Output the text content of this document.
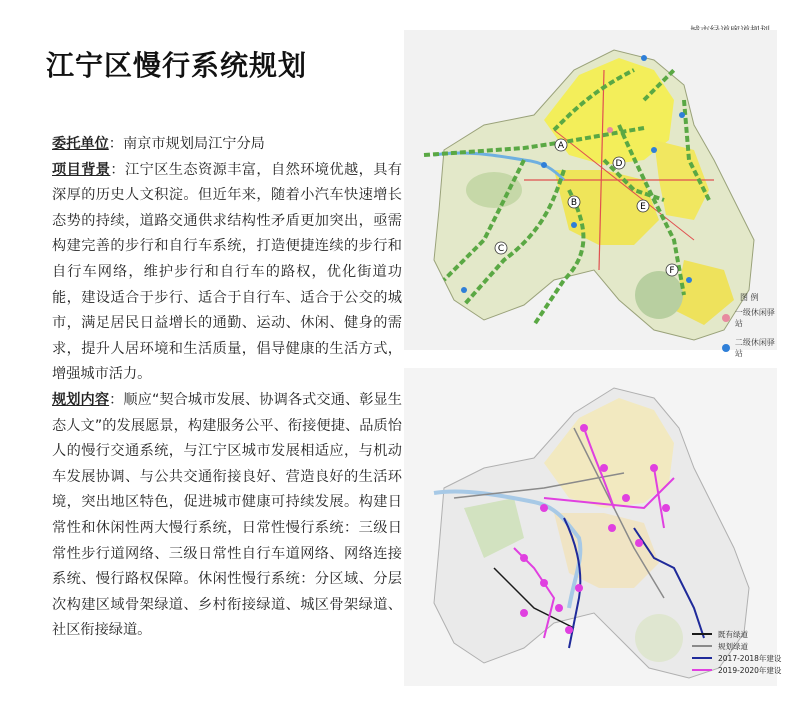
江宁区慢行系统规划

委托单位：南京市规划局江宁分局

项目背景：江宁区生态资源丰富，自然环境优越，具有深厚的历史人文积淀。但近年来，随着小汽车快速增长态势的持续，道路交通供求结构性矛盾更加突出，亟需构建完善的步行和自行车系统，打造便捷连续的步行和自行车网络，维护步行和自行车的路权，优化街道功能，建设适合于步行、适合于自行车、适合于公交的城市，满足居民日益增长的通勤、运动、休闲、健身的需求，提升人居环境和生活质量，倡导健康的生活方式，增强城市活力。

规划内容：顺应“契合城市发展、协调各式交通、彰显生态人文”的发展愿景，构建服务公平、衔接便捷、品质怡人的慢行交通系统，与江宁区城市发展相适应，与机动车发展协调、与公共交通衔接良好、营造良好的生活环境，突出地区特色，促进城市健康可持续发展。构建日常性和休闲性两大慢行系统，日常性慢行系统：三级日常性步行道网络、三级日常性自行车道网络、网络连接系统、慢行路权保障。休闲性慢行系统：分区域、分层次构建区域骨架绿道、乡村衔接绿道、城区骨架绿道、社区衔接绿道。

A
B
C
D
E
F
图 例
一级休闲驿站
二级休闲驿站
既有绿道
规划绿道
2017-2018年建设
2019-2020年建设
